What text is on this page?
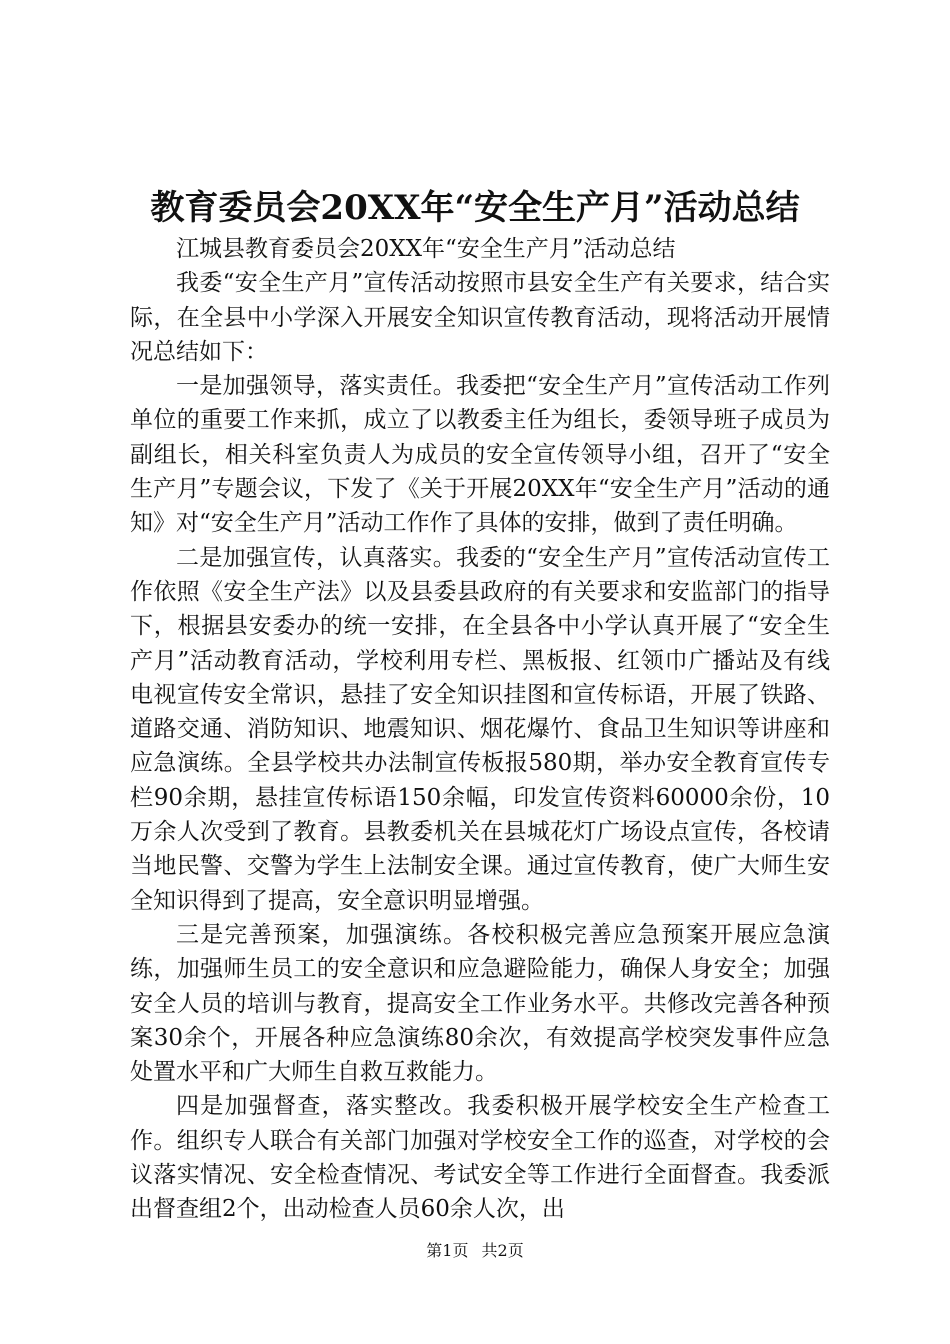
教育委员会20XX年“安全生产月”活动总结

江城县教育委员会20XX年“安全生产月”活动总结

我委“安全生产月”宣传活动按照市县安全生产有关要求，结合实际，在全县中小学深入开展安全知识宣传教育活动，现将活动开展情况总结如下：

一是加强领导，落实责任。我委把“安全生产月”宣传活动工作列单位的重要工作来抓，成立了以教委主任为组长，委领导班子成员为副组长，相关科室负责人为成员的安全宣传领导小组，召开了“安全生产月”专题会议，下发了《关于开展20XX年“安全生产月”活动的通知》对“安全生产月”活动工作作了具体的安排，做到了责任明确。

二是加强宣传，认真落实。我委的“安全生产月”宣传活动宣传工作依照《安全生产法》以及县委县政府的有关要求和安监部门的指导下，根据县安委办的统一安排，在全县各中小学认真开展了“安全生产月”活动教育活动，学校利用专栏、黑板报、红领巾广播站及有线电视宣传安全常识，悬挂了安全知识挂图和宣传标语，开展了铁路、道路交通、消防知识、地震知识、烟花爆竹、食品卫生知识等讲座和应急演练。全县学校共办法制宣传板报580期，举办安全教育宣传专栏90余期，悬挂宣传标语150余幅，印发宣传资料60000余份，10万余人次受到了教育。县教委机关在县城花灯广场设点宣传，各校请当地民警、交警为学生上法制安全课。通过宣传教育，使广大师生安全知识得到了提高，安全意识明显增强。

三是完善预案，加强演练。各校积极完善应急预案开展应急演练，加强师生员工的安全意识和应急避险能力，确保人身安全；加强安全人员的培训与教育，提高安全工作业务水平。共修改完善各种预案30余个，开展各种应急演练80余次，有效提高学校突发事件应急处置水平和广大师生自救互救能力。

四是加强督查，落实整改。我委积极开展学校安全生产检查工作。组织专人联合有关部门加强对学校安全工作的巡查，对学校的会议落实情况、安全检查情况、考试安全等工作进行全面督查。我委派出督查组2个，出动检查人员60余人次，出

第1页 共2页
